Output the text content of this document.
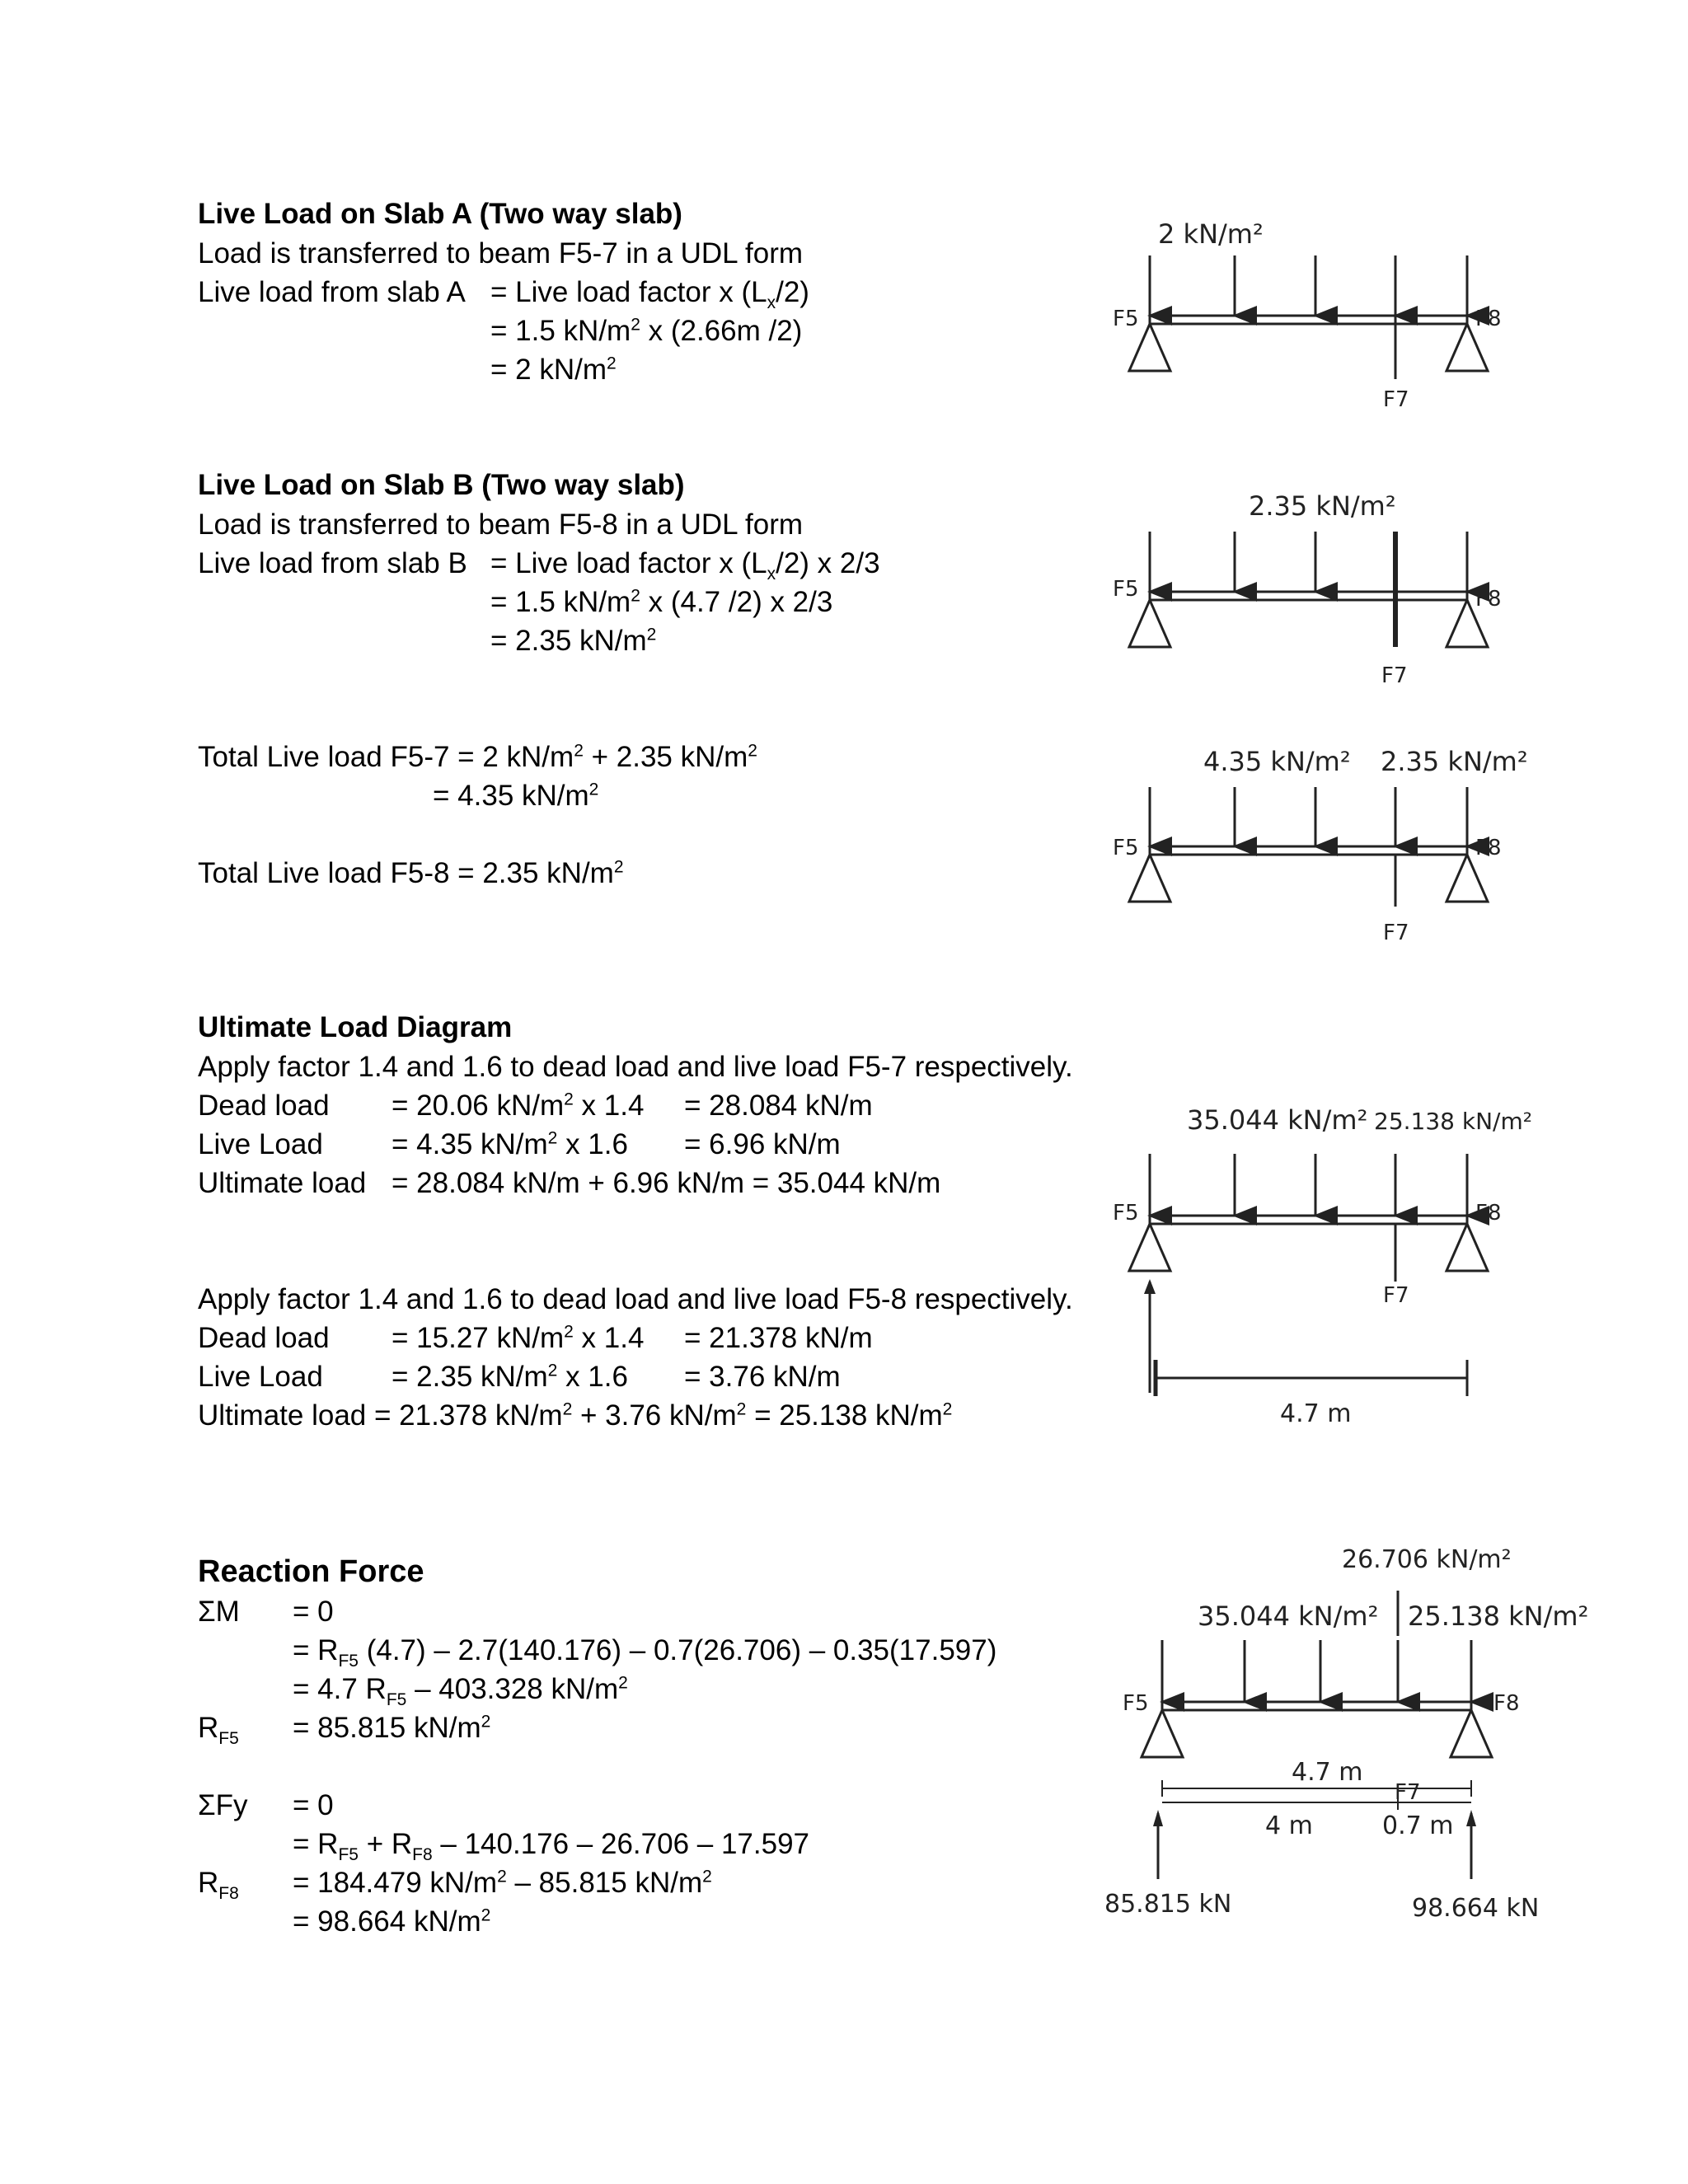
Live Load on Slab A (Two way slab)
Load is transferred to beam F5-7 in a UDL form
Live load from slab A = Live load factor x $(L_x/2)$
= 1.5 $kN/m^2$ x (2.66m /2)
= 2 $kN/m^2$
Live Load on Slab B (Two way slab)
Load is transferred to beam F5-8 in a UDL form
Live load from slab B = Live load factor x $(L_x/2)$ x 2/3
= 1.5 $kN/m^2$ x (4.7 /2) x 2/3
= 2.35 $kN/m^2$
Total Live load F5-7 = 2 $kN/m^2 + 2.35$ $kN/m^2$
= 4.35 $kN/m^2$
Total Live load F5-8 = 2.35 $kN/m^2$
Ultimate Load Diagram
Apply factor 1.4 and 1.6 to dead load and live load F5-7 respectively.
Dead load = 20.06 $kN/m^2$ x 1.4 = 28.084 kN/m
Live Load = 4.35 $kN/m^2$ x 1.6 = 6.96 kN/m
Ultimate load = 28.084 kN/m + 6.96 kN/m = 35.044 kN/m
Apply factor 1.4 and 1.6 to dead load and live load F5-8 respectively.
Dead load = 15.27 $kN/m^2$ x 1.4 = 21.378 kN/m
Live Load = 2.35 $kN/m^2$ x 1.6 = 3.76 kN/m
Ultimate load = 21.378 $kN/m^2 + 3.76$ $kN/m^2 = 25.138$ $kN/m^2$
Reaction Force
ΣM = 0
= $R_{F5}$ (4.7) – 2.7(140.176) – 0.7(26.706) – 0.35(17.597)
= 4.7 $R_{F5} - 403.328$ $kN/m^2$
$R_{F5} = 85.815$ $kN/m^2$
ΣFy = 0
= $R_{F5} + R_{F8} - 140.176 - 26.706 - 17.597$
$R_{F8} = 184.479$ $kN/m^2 - 85.815$ $kN/m^2$
= 98.664 $kN/m^2$
2 kN/m²
F5	F8
F7
2.35 kN/m²
F5	F8
F7
4.35 kN/m² 2.35 kN/m²
F5	F8
F7
35.044 kN/m² 25.138 kN/m²
4.7 m
F5	F8
F7
26.706 kN/m²
35.044 kN/m² 25.138 kN/m²
F5	F8
4.7 m
F7
4 m	0.7 m
85.815 kN	98.664 kN
